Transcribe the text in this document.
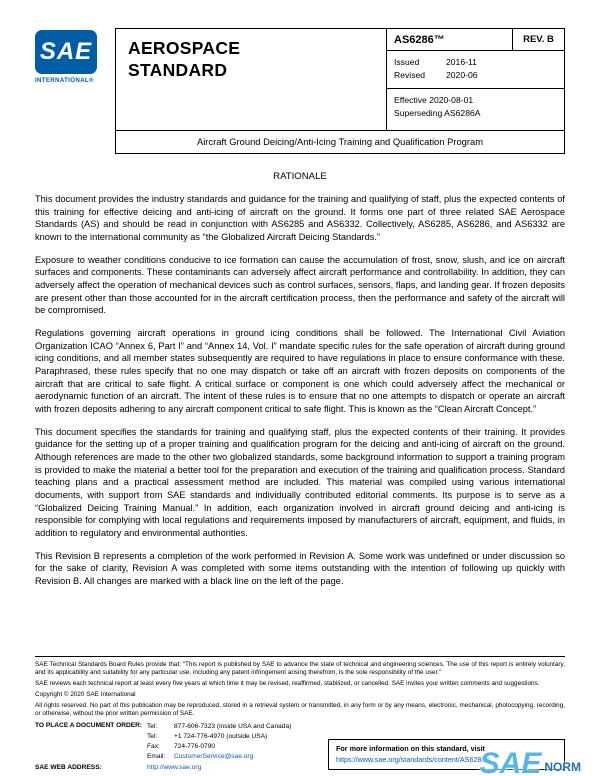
SAE
INTERNATIONAL®
AEROSPACE
STANDARD
AS6286™	REV. B
Issued	2016-11
Revised	2020-06
Effective 2020-08-01
Superseding AS6286A
Aircraft Ground Deicing/Anti-Icing Training and Qualification Program
RATIONALE

This document provides the industry standards and guidance for the training and qualifying of staff, plus the expected contents of this training for effective deicing and anti-icing of aircraft on the ground. It forms one part of three related SAE Aerospace Standards (AS) and should be read in conjunction with AS6285 and AS6332. Collectively, AS6285, AS6286, and AS6332 are known to the international community as “the Globalized Aircraft Deicing Standards.”

Exposure to weather conditions conducive to ice formation can cause the accumulation of frost, snow, slush, and ice on aircraft surfaces and components. These contaminants can adversely affect aircraft performance and controllability. In addition, they can adversely affect the operation of mechanical devices such as control surfaces, sensors, flaps, and landing gear. If frozen deposits are present other than those accounted for in the aircraft certification process, then the performance and safety of the aircraft will be compromised.

Regulations governing aircraft operations in ground icing conditions shall be followed. The International Civil Aviation Organization ICAO “Annex 6, Part I” and “Annex 14, Vol. I” mandate specific rules for the safe operation of aircraft during ground icing conditions, and all member states subsequently are required to have regulations in place to ensure conformance with these. Paraphrased, these rules specify that no one may dispatch or take off an aircraft with frozen deposits on components of the aircraft that are critical to safe flight. A critical surface or component is one which could adversely affect the mechanical or aerodynamic function of an aircraft. The intent of these rules is to ensure that no one attempts to dispatch or operate an aircraft with frozen deposits adhering to any aircraft component critical to safe flight. This is known as the “Clean Aircraft Concept.”

This document specifies the standards for training and qualifying staff, plus the expected contents of their training. It provides guidance for the setting up of a proper training and qualification program for the deicing and anti-icing of aircraft on the ground. Although references are made to the other two globalized standards, some background information to support a training program is provided to make the material a better tool for the preparation and execution of the training and qualification process. Standard teaching plans and a practical assessment method are included. This material was compiled using various international documents, with support from SAE standards and individually contributed editorial comments. Its purpose is to serve as a “Globalized Deicing Training Manual.” In addition, each organization involved in aircraft ground deicing and anti-icing is responsible for complying with local regulations and requirements imposed by manufacturers of aircraft, equipment, and fluids, in addition to regulatory and environmental authorities.

This Revision B represents a completion of the work performed in Revision A. Some work was undefined or under discussion so for the sake of clarity, Revision A was completed with some items outstanding with the intention of following up quickly with Revision B. All changes are marked with a black line on the left of the page.

SAE Technical Standards Board Rules provide that: “This report is published by SAE to advance the state of technical and engineering sciences. The use of this report is entirely voluntary, and its applicability and suitability for any particular use, including any patent infringement arising therefrom, is the sole responsibility of the user.”

SAE reviews each technical report at least every five years at which time it may be revised, reaffirmed, stabilized, or cancelled. SAE invites your written comments and suggestions.

Copyright © 2020 SAE International

All rights reserved. No part of this publication may be reproduced, stored in a retrieval system or transmitted, in any form or by any means, electronic, mechanical, photocopying, recording, or otherwise, without the prior written permission of SAE.

TO PLACE A DOCUMENT ORDER: Tel:	877-606-7323 (inside USA and Canada)
Tel:	+1 724-776-4970 (outside USA)
Fax:	724-776-0790
Email:	CustomerService@sae.org
SAE WEB ADDRESS:	http://www.sae.org
For more information on this standard, visit
https://www.sae.org/standards/content/AS6286B
SAE NORM
